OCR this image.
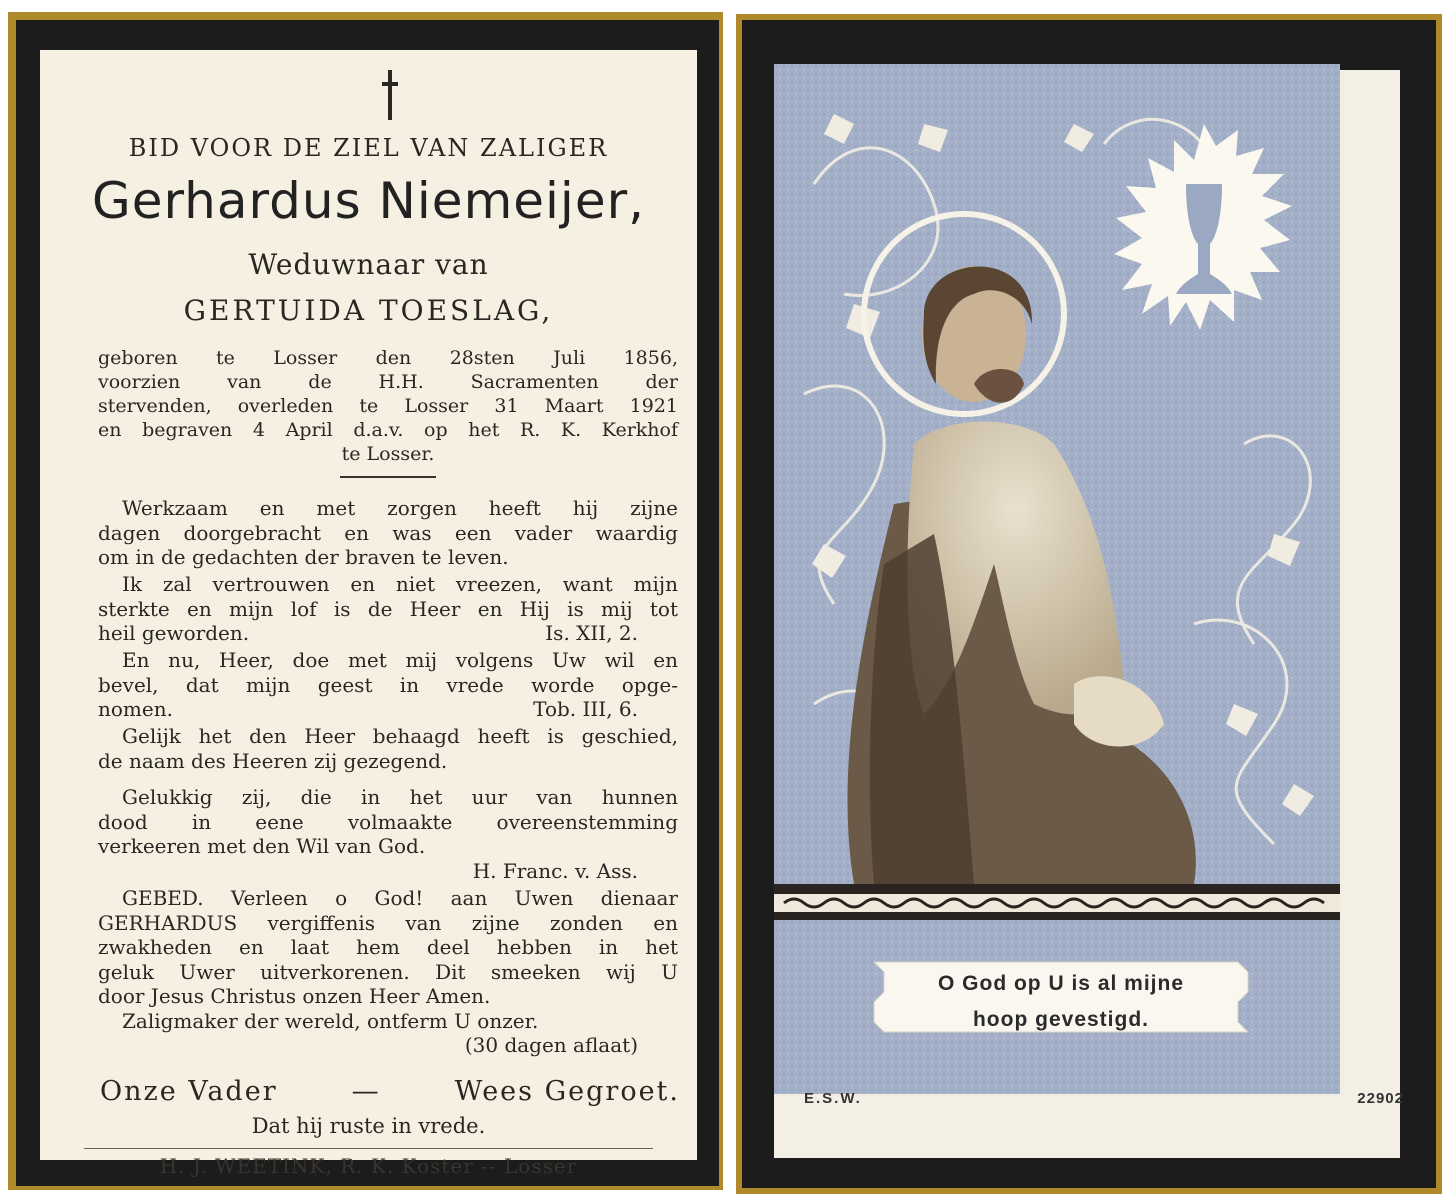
BID VOOR DE ZIEL VAN ZALIGER
Gerhardus Niemeijer,
Weduwnaar van
GERTUIDA TOESLAG,
geboren te Losser den 28sten Juli 1856,
voorzien van de H.H. Sacramenten der
stervenden, overleden te Losser 31 Maart 1921
en begraven 4 April d.a.v. op het R. K. Kerkhof
te Losser.
Werkzaam en met zorgen heeft hij zijne
dagen doorgebracht en was een vader waardig
om in de gedachten der braven te leven.
Ik zal vertrouwen en niet vreezen, want mijn
sterkte en mijn lof is de Heer en Hij is mij tot
heil geworden.	Is. XII, 2.
En nu, Heer, doe met mij volgens Uw wil en
bevel, dat mijn geest in vrede worde opge-
nomen.	Tob. III, 6.
Gelijk het den Heer behaagd heeft is geschied,
de naam des Heeren zij gezegend.
Gelukkig zij, die in het uur van hunnen
dood in eene volmaakte overeenstemming
verkeeren met den Wil van God.
H. Franc. v. Ass.
GEBED. Verleen o God! aan Uwen dienaar
GERHARDUS vergiffenis van zijne zonden en
zwakheden en laat hem deel hebben in het
geluk Uwer uitverkorenen. Dit smeeken wij U
door Jesus Christus onzen Heer Amen.
Zaligmaker der wereld, ontferm U onzer.
(30 dagen aflaat)
Onze Vader	—	Wees Gegroet.
Dat hij ruste in vrede.
H. J. WEETINK, R. K. Koster -- Losser
O God op U is al mijne
hoop gevestigd.
E.S.W.	22902
